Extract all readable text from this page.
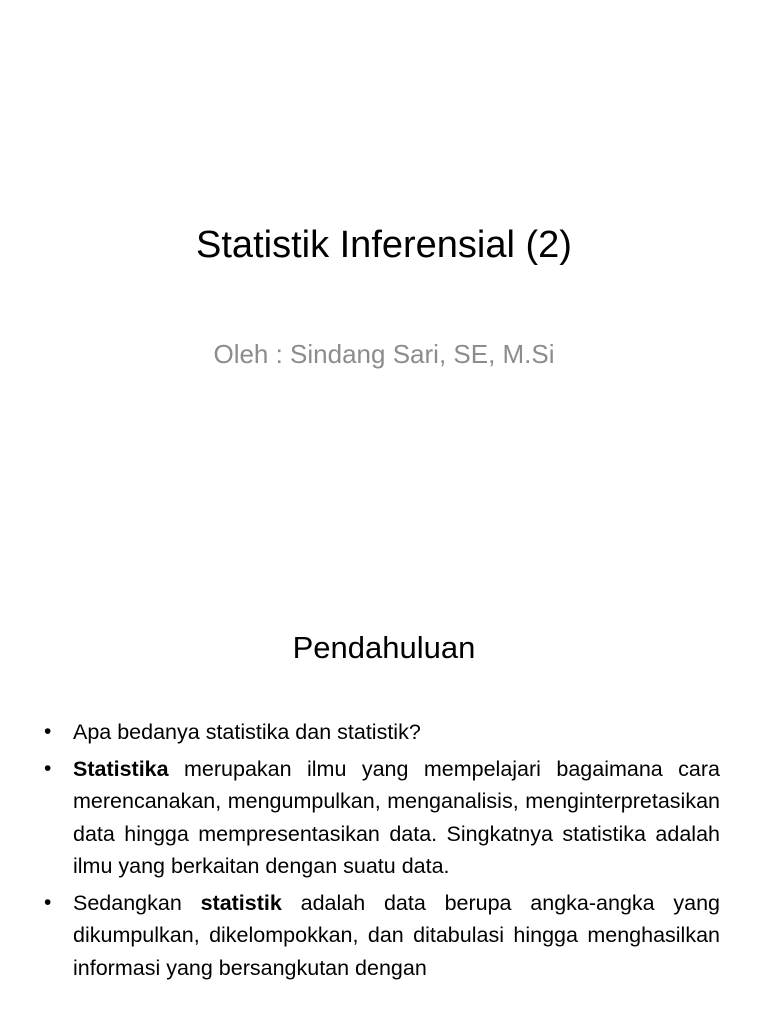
Statistik Inferensial (2)
Oleh : Sindang Sari, SE, M.Si
Pendahuluan
• Apa bedanya statistika dan statistik?
• Statistika merupakan ilmu yang mempelajari bagaimana cara merencanakan, mengumpulkan, menganalisis, menginterpretasikan data hingga mempresentasikan data. Singkatnya statistika adalah ilmu yang berkaitan dengan suatu data.
• Sedangkan statistik adalah data berupa angka-angka yang dikumpulkan, dikelompokkan, dan ditabulasi hingga menghasilkan informasi yang bersangkutan dengan
